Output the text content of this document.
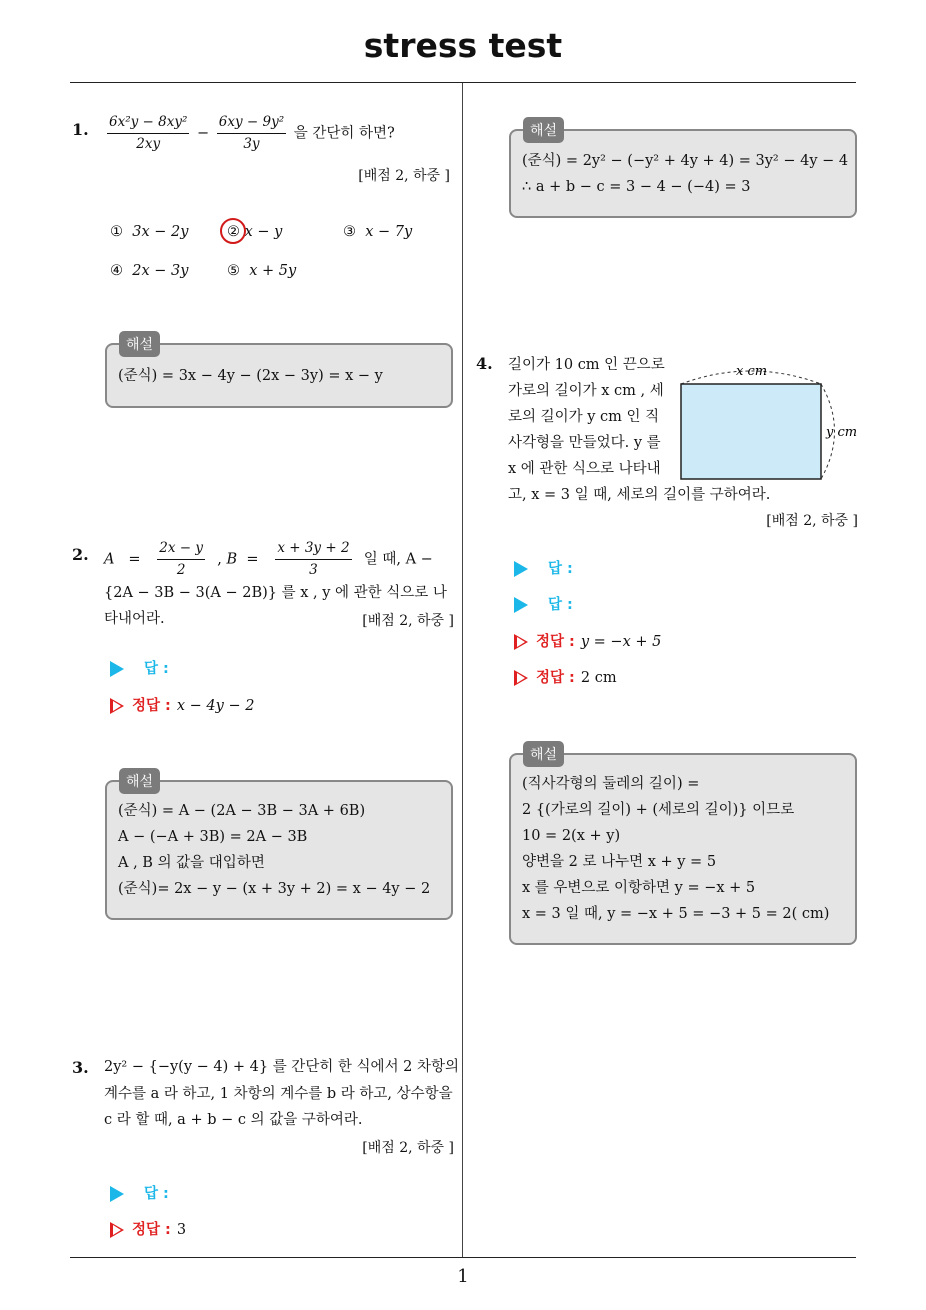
stress test
1
1. $\frac{\text{6x²y − 8xy²}}{2xy} - \frac{\text{6xy − 9y²}}{3y}$ 을 간단히 하면?
[배점 2, 하중 ]
① 3x − 2y	② x − y	③ x − 7y
④ 2x − 3y	⑤ x + 5y
해설
(준식) = 3x − 4y − (2x − 3y) = x − y
2. $A = \frac{2x - y}{2}$ , $B = \frac{x + 3y + 2}{3}$ 일 때, A −
{2A − 3B − 3(A − 2B)} 를 x , y 에 관한 식으로 나
타내어라.	[배점 2, 하중 ]
답 :
정답 : x − 4y − 2
해설
(준식) = A − (2A − 3B − 3A + 6B)
A − (−A + 3B) = 2A − 3B
A , B 의 값을 대입하면
(준식)= 2x − y − (x + 3y + 2) = x − 4y − 2
3. 2y² − {−y(y − 4) + 4} 를 간단히 한 식에서 2 차항의
계수를 a 라 하고, 1 차항의 계수를 b 라 하고, 상수항을
c 라 할 때, a + b − c 의 값을 구하여라.
[배점 2, 하중 ]
답 :
정답 : 3
해설
(준식) = 2y² − (−y² + 4y + 4) = 3y² − 4y − 4
∴ a + b − c = 3 − 4 − (−4) = 3
4. 길이가 10 cm 인 끈으로
가로의 길이가 x cm , 세
로의 길이가 y cm 인 직
사각형을 만들었다. y 를
x 에 관한 식으로 나타내
고, x = 3 일 때, 세로의 길이를 구하여라.
[배점 2, 하중 ]
x cm
y cm
답 :
답 :
정답 : y = −x + 5
정답 : 2 cm
해설
(직사각형의 둘레의 길이) =
2 {(가로의 길이) + (세로의 길이)} 이므로
10 = 2(x + y)
양변을 2 로 나누면 x + y = 5
x 를 우변으로 이항하면 y = −x + 5
x = 3 일 때, y = −x + 5 = −3 + 5 = 2( cm)
